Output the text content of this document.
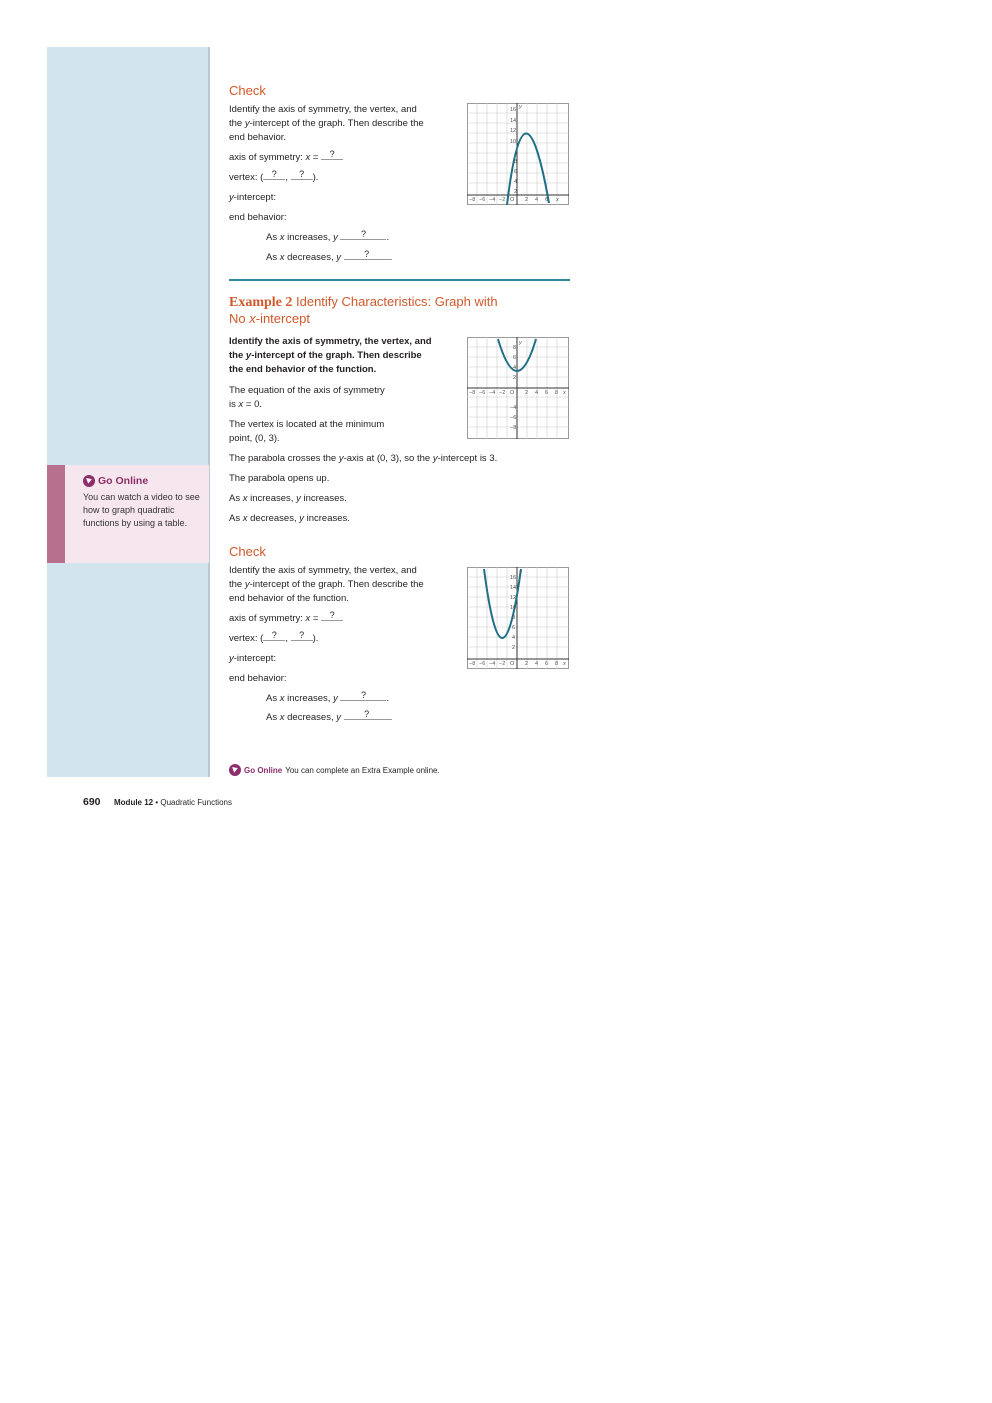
Go Online
You can watch a video to see how to graph quadratic functions by using a table.
Check
Identify the axis of symmetry, the vertex, and
the y-intercept of the graph. Then describe the
end behavior.
axis of symmetry: x = ?
vertex: ( ? , ? ).
y-intercept:
end behavior:
As x increases, y	? .
As x decreases, y	? .
−8 −6 −4 −2 O 2 4 6 x
16
14
12
10
8
6
4
2
y
Example 2 Identify Characteristics: Graph with
No x-intercept
Identify the axis of symmetry, the vertex, and
the y-intercept of the graph. Then describe
the end behavior of the function.
The equation of the axis of symmetry
is x = 0.
The vertex is located at the minimum
point, (0, 3).
The parabola crosses the y-axis at (0, 3), so the y-intercept is 3.
The parabola opens up.
As x increases, y increases.
As x decreases, y increases.
−8 −6 −4 −2 O 2 4 6 8 x
8
6
4
2
−4
−6
−8
y
Check
Identify the axis of symmetry, the vertex, and
the y-intercept of the graph. Then describe the
end behavior of the function.
axis of symmetry: x = ?
vertex: ( ? , ? ).
y-intercept:
end behavior:
As x increases, y	? .
As x decreases, y	? .
−8 −6 −4 −2 O 2 4 6 8 x
16
14
12
10
8
6
4
2
y
Go Online You can complete an Extra Example online.
690 Module 12 • Quadratic Functions
